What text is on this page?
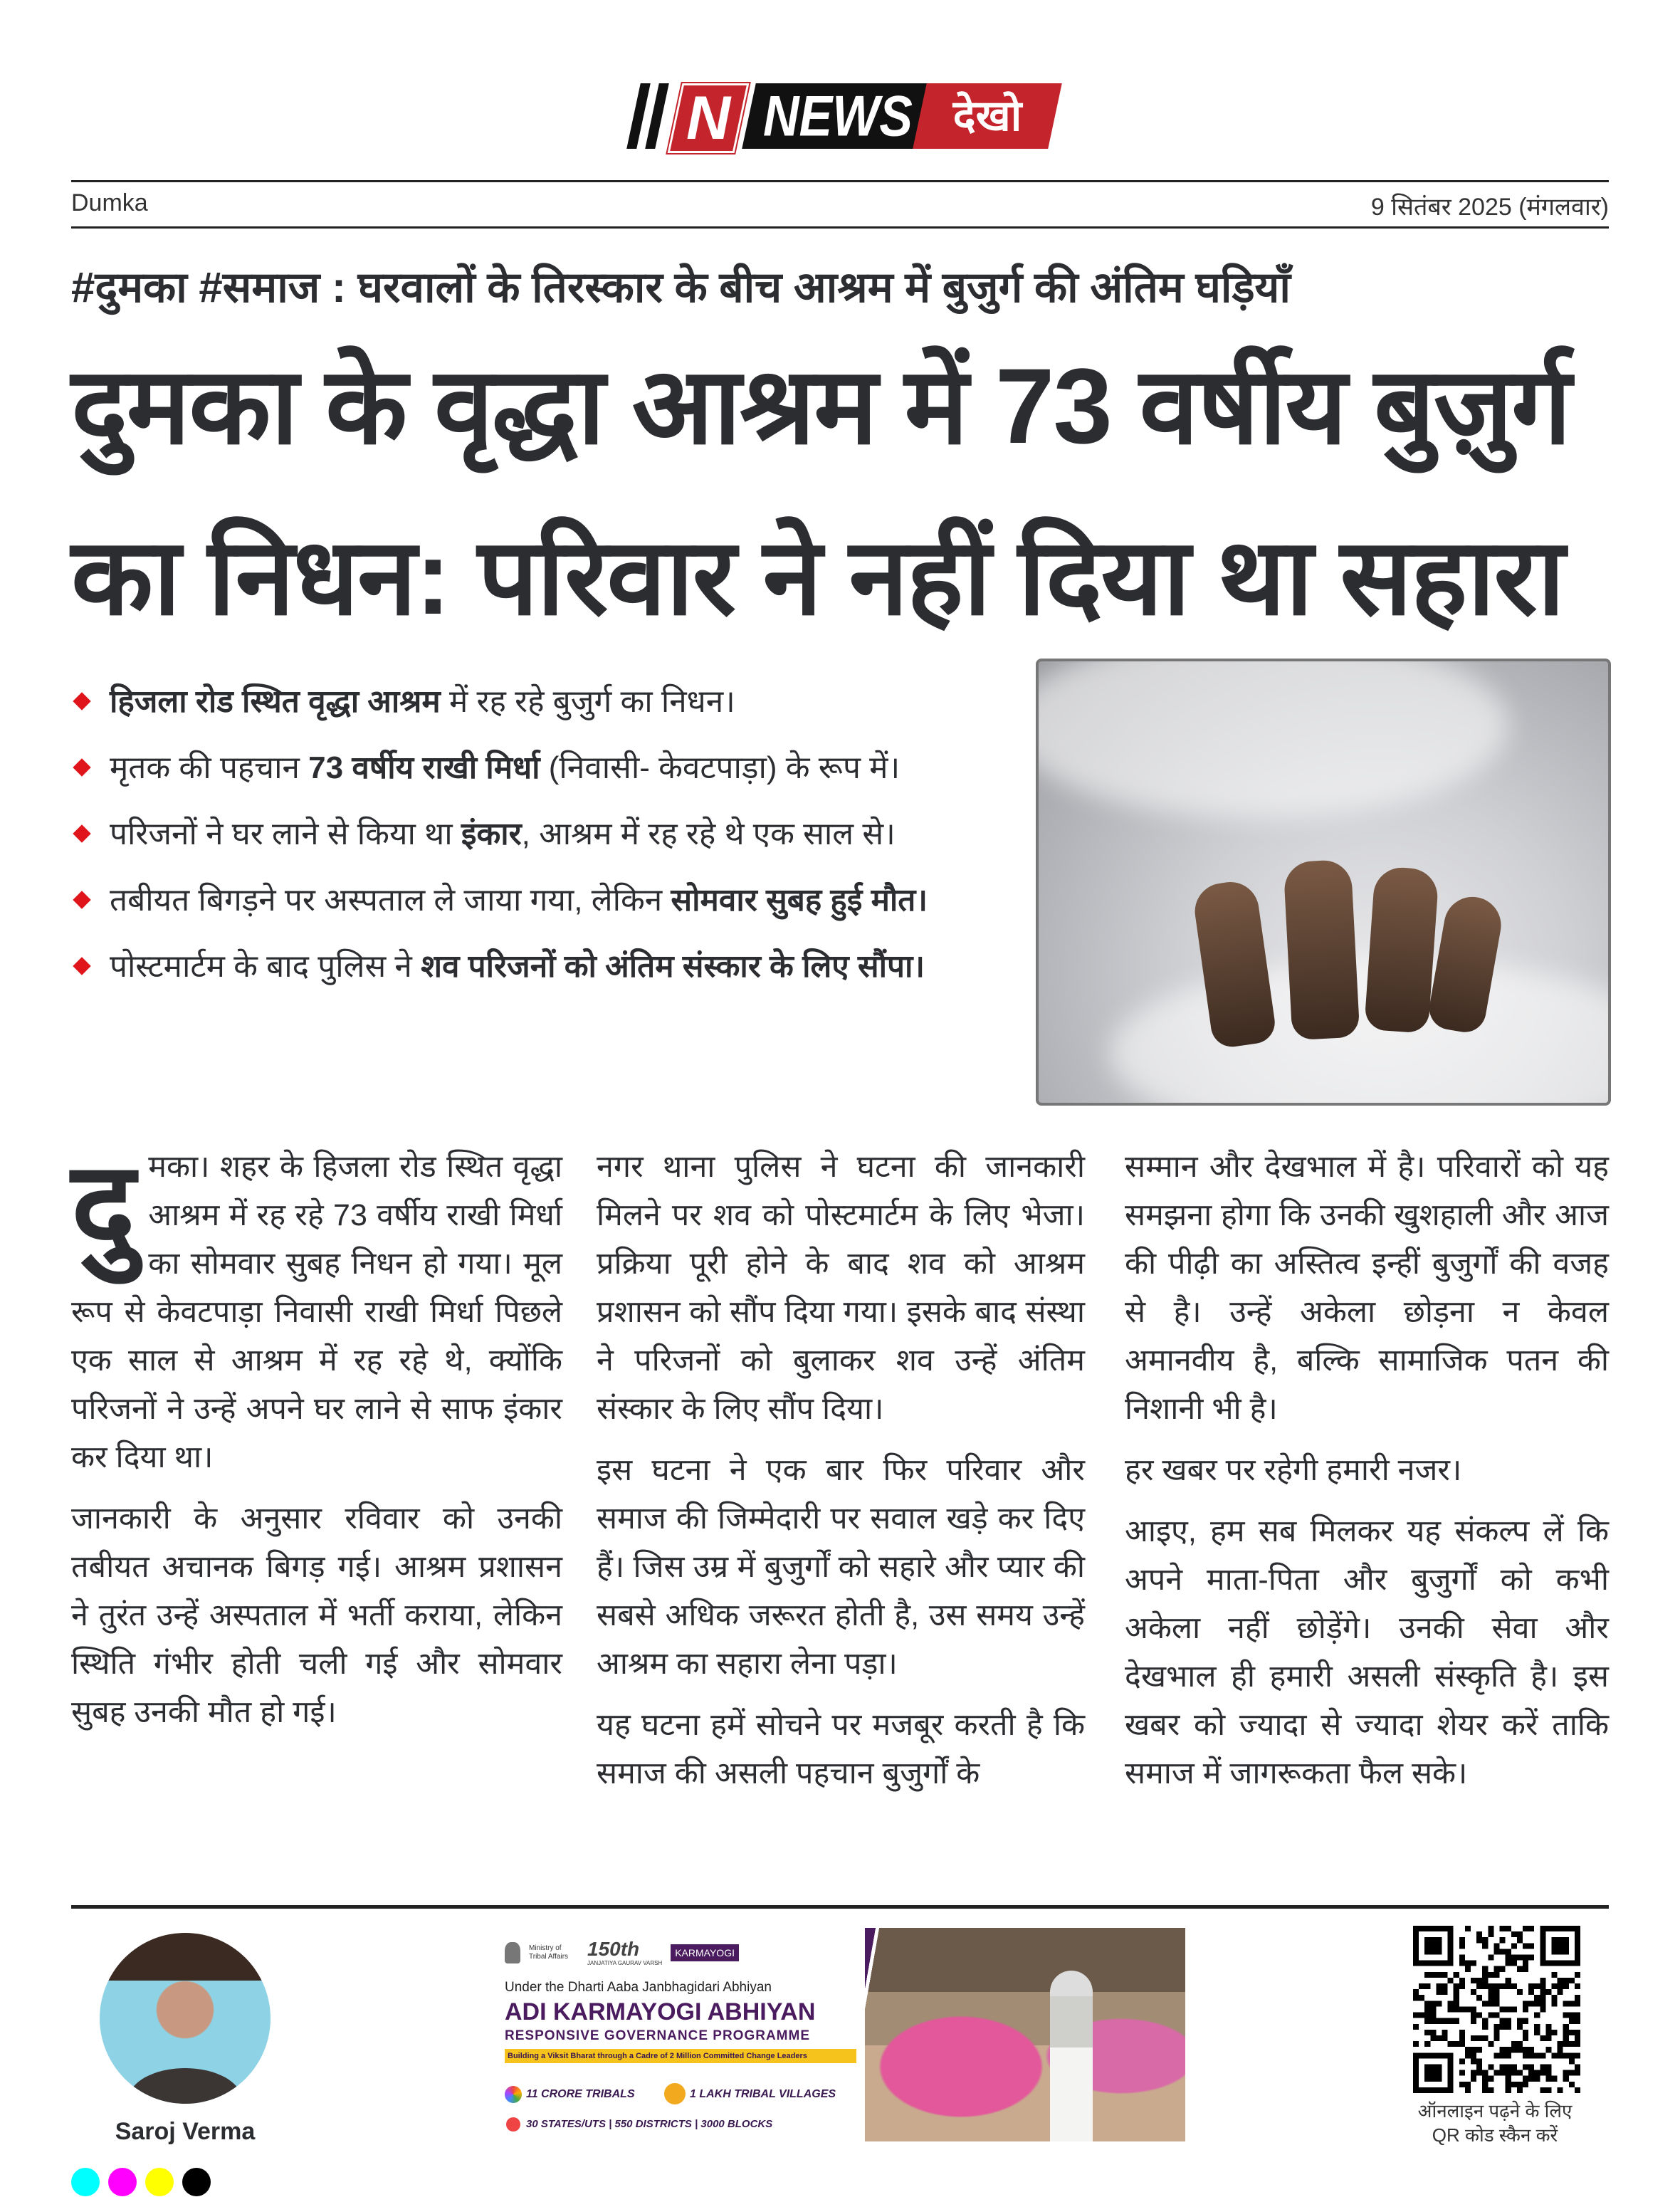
N NEWS देखो
Dumka	9 सितंबर 2025 (मंगलवार)
#दुमका #समाज : घरवालों के तिरस्कार के बीच आश्रम में बुजुर्ग की अंतिम घड़ियाँ
दुमका के वृद्धा आश्रम में 73 वर्षीय बुज़ुर्ग
का निधन: परिवार ने नहीं दिया था सहारा
हिजला रोड स्थित वृद्धा आश्रम में रह रहे बुजुर्ग का निधन।
मृतक की पहचान 73 वर्षीय राखी मिर्धा (निवासी- केवटपाड़ा) के रूप में।
परिजनों ने घर लाने से किया था इंकार, आश्रम में रह रहे थे एक साल से।
तबीयत बिगड़ने पर अस्पताल ले जाया गया, लेकिन सोमवार सुबह हुई मौत।
पोस्टमार्टम के बाद पुलिस ने शव परिजनों को अंतिम संस्कार के लिए सौंपा।

दुमका। शहर के हिजला रोड स्थित वृद्धा आश्रम में रह रहे 73 वर्षीय राखी मिर्धा का सोमवार सुबह निधन हो गया। मूल रूप से केवटपाड़ा निवासी राखी मिर्धा पिछले एक साल से आश्रम में रह रहे थे, क्योंकि परिजनों ने उन्हें अपने घर लाने से साफ इंकार कर दिया था।

जानकारी के अनुसार रविवार को उनकी तबीयत अचानक बिगड़ गई। आश्रम प्रशासन ने तुरंत उन्हें अस्पताल में भर्ती कराया, लेकिन स्थिति गंभीर होती चली गई और सोमवार सुबह उनकी मौत हो गई।

नगर थाना पुलिस ने घटना की जानकारी मिलने पर शव को पोस्टमार्टम के लिए भेजा। प्रक्रिया पूरी होने के बाद शव को आश्रम प्रशासन को सौंप दिया गया। इसके बाद संस्था ने परिजनों को बुलाकर शव उन्हें अंतिम संस्कार के लिए सौंप दिया।

इस घटना ने एक बार फिर परिवार और समाज की जिम्मेदारी पर सवाल खड़े कर दिए हैं। जिस उम्र में बुजुर्गों को सहारे और प्यार की सबसे अधिक जरूरत होती है, उस समय उन्हें आश्रम का सहारा लेना पड़ा।

यह घटना हमें सोचने पर मजबूर करती है कि समाज की असली पहचान बुजुर्गों के

सम्मान और देखभाल में है। परिवारों को यह समझना होगा कि उनकी खुशहाली और आज की पीढ़ी का अस्तित्व इन्हीं बुजुर्गों की वजह से है। उन्हें अकेला छोड़ना न केवल अमानवीय है, बल्कि सामाजिक पतन की निशानी भी है।

हर खबर पर रहेगी हमारी नजर।

आइए, हम सब मिलकर यह संकल्प लें कि अपने माता-पिता और बुजुर्गों को कभी अकेला नहीं छोड़ेंगे। उनकी सेवा और देखभाल ही हमारी असली संस्कृति है। इस खबर को ज्यादा से ज्यादा शेयर करें ताकि समाज में जागरूकता फैल सके।

Saroj Verma
Ministry of Tribal Affairs 150th
JANJATIYA GAURAV VARSH
KARMAYOGI
Under the Dharti Aaba Janbhagidari Abhiyan
ADI KARMAYOGI ABHIYAN
RESPONSIVE GOVERNANCE PROGRAMME
Building a Viksit Bharat through a Cadre of 2 Million Committed Change Leaders
11 CRORE TRIBALS	1 LAKH TRIBAL VILLAGES
30 STATES/UTS | 550 DISTRICTS | 3000 BLOCKS
ऑनलाइन पढ़ने के लिए
QR कोड स्कैन करें
